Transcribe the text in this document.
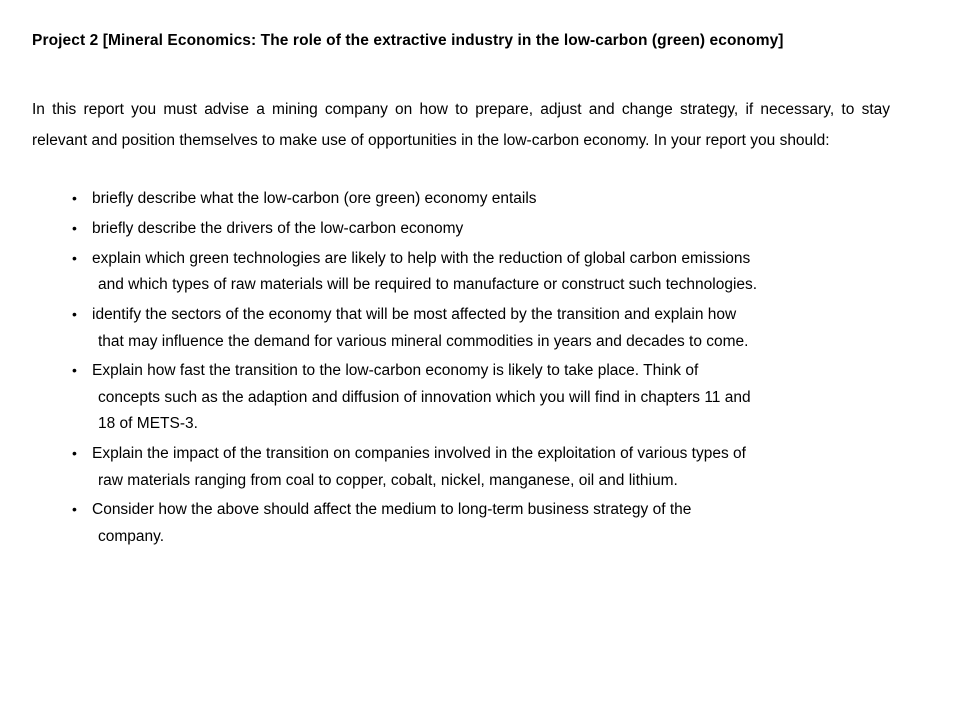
Project 2 [Mineral Economics: The role of the extractive industry in the low-carbon (green) economy]

In this report you must advise a mining company on how to prepare, adjust and change strategy, if necessary, to stay relevant and position themselves to make use of opportunities in the low-carbon economy. In your report you should:

• briefly describe what the low-carbon (ore green) economy entails
• briefly describe the drivers of the low-carbon economy
• explain which green technologies are likely to help with the reduction of global carbon emissions
and which types of raw materials will be required to manufacture or construct such technologies.
• identify the sectors of the economy that will be most affected by the transition and explain how
that may influence the demand for various mineral commodities in years and decades to come.
• Explain how fast the transition to the low-carbon economy is likely to take place. Think of
concepts such as the adaption and diffusion of innovation which you will find in chapters 11 and
18 of METS-3.
• Explain the impact of the transition on companies involved in the exploitation of various types of
raw materials ranging from coal to copper, cobalt, nickel, manganese, oil and lithium.
• Consider how the above should affect the medium to long-term business strategy of the
company.
